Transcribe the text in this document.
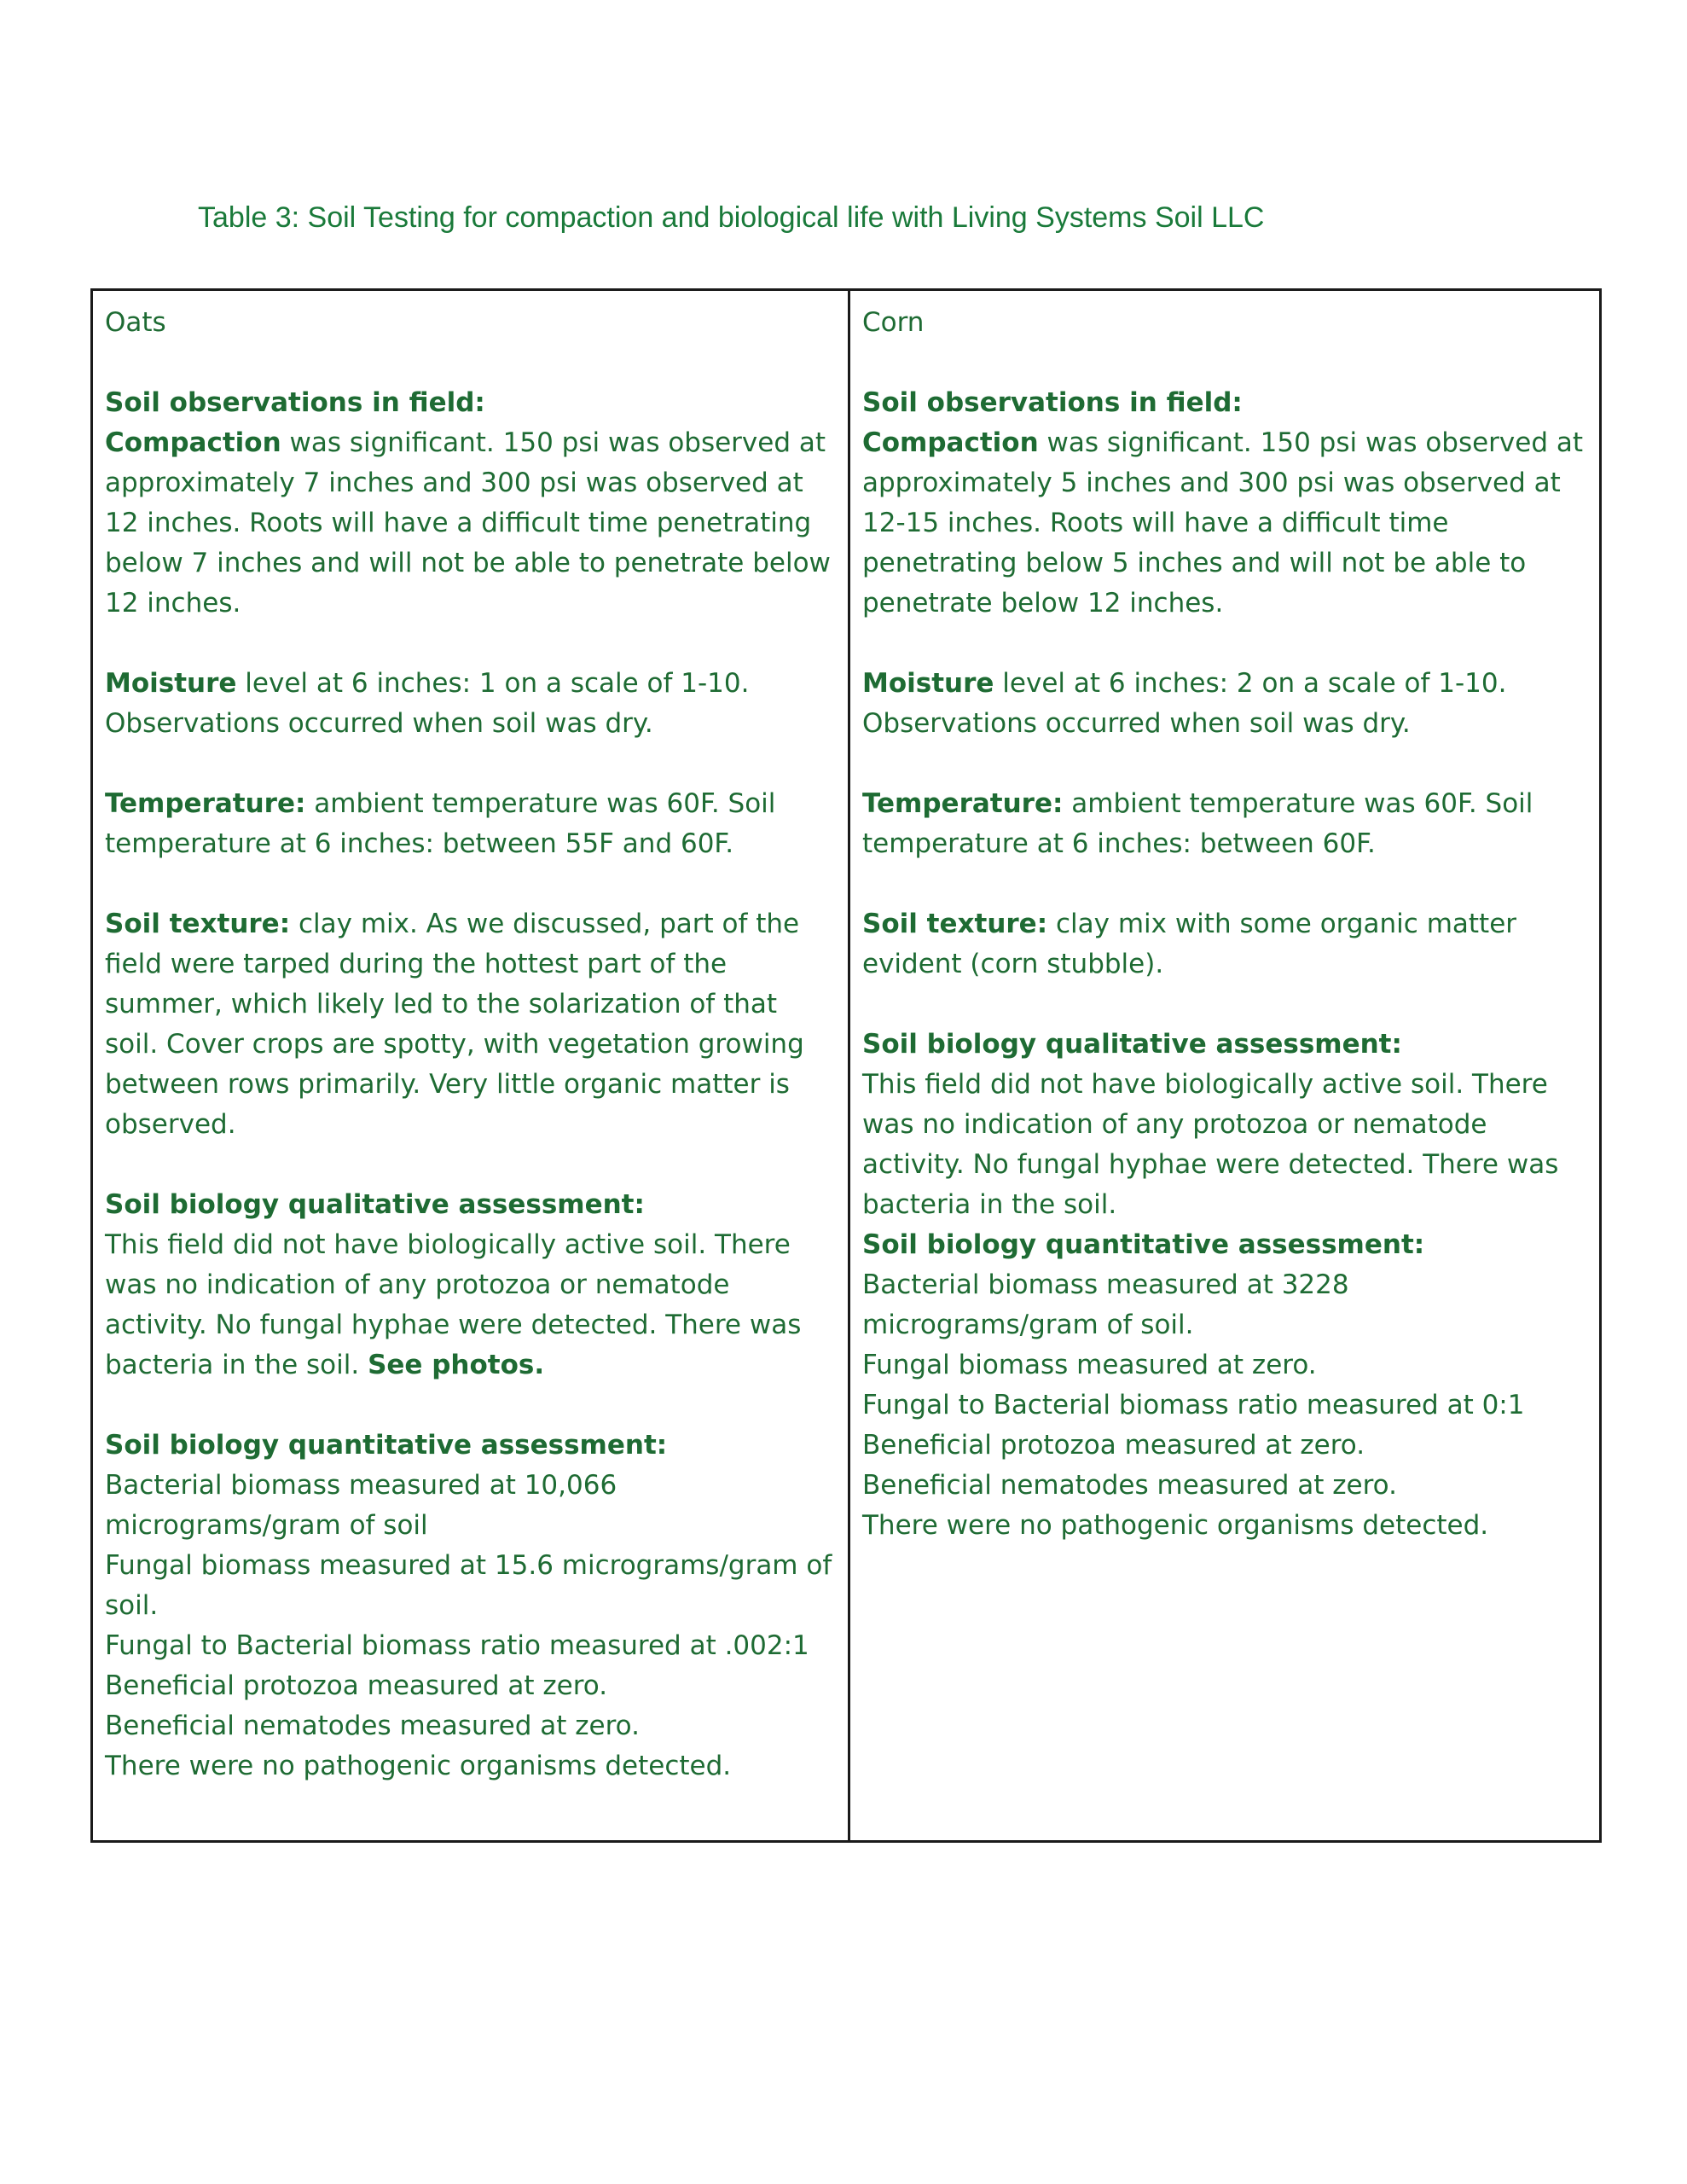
Table 3: Soil Testing for compaction and biological life with Living Systems Soil LLC

Oats

Soil observations in field:

Compaction was significant. 150 psi was observed at approximately 7 inches and 300 psi was observed at 12 inches. Roots will have a difficult time penetrating below 7 inches and will not be able to penetrate below 12 inches.

Moisture level at 6 inches: 1 on a scale of 1-10. Observations occurred when soil was dry.

Temperature: ambient temperature was 60F. Soil temperature at 6 inches: between 55F and 60F.

Soil texture: clay mix. As we discussed, part of the field were tarped during the hottest part of the summer, which likely led to the solarization of that soil. Cover crops are spotty, with vegetation growing between rows primarily. Very little organic matter is observed.

Soil biology qualitative assessment:

This field did not have biologically active soil. There was no indication of any protozoa or nematode activity. No fungal hyphae were detected. There was bacteria in the soil. See photos.

Soil biology quantitative assessment:

Bacterial biomass measured at 10,066 micrograms/gram of soil

Fungal biomass measured at 15.6 micrograms/gram of soil.

Fungal to Bacterial biomass ratio measured at .002:1

Beneficial protozoa measured at zero.

Beneficial nematodes measured at zero.

There were no pathogenic organisms detected.

Corn

Soil observations in field:

Compaction was significant. 150 psi was observed at approximately 5 inches and 300 psi was observed at 12-15 inches. Roots will have a difficult time penetrating below 5 inches and will not be able to penetrate below 12 inches.

Moisture level at 6 inches: 2 on a scale of 1-10. Observations occurred when soil was dry.

Temperature: ambient temperature was 60F. Soil temperature at 6 inches: between 60F.

Soil texture: clay mix with some organic matter evident (corn stubble).

Soil biology qualitative assessment:

This field did not have biologically active soil. There was no indication of any protozoa or nematode activity. No fungal hyphae were detected. There was bacteria in the soil.

Soil biology quantitative assessment:

Bacterial biomass measured at 3228 micrograms/gram of soil.

Fungal biomass measured at zero.

Fungal to Bacterial biomass ratio measured at 0:1

Beneficial protozoa measured at zero.

Beneficial nematodes measured at zero.

There were no pathogenic organisms detected.
